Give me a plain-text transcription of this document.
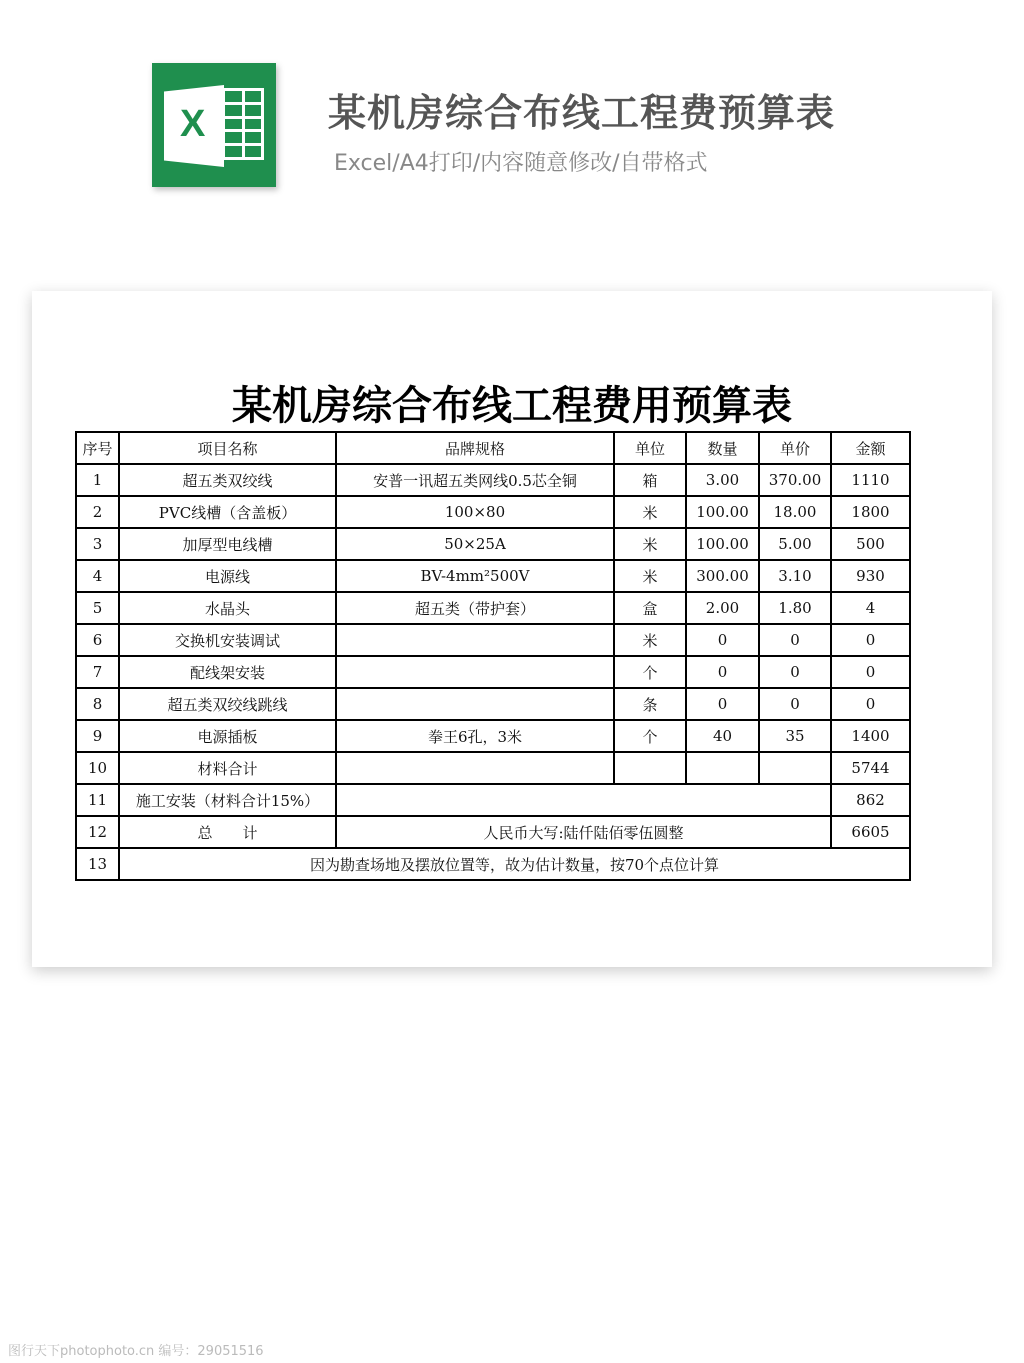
X	某机房综合布线工程费预算表
Excel/A4打印/内容随意修改/自带格式
某机房综合布线工程费用预算表
序号	项目名称	品牌规格	单位	数量	单价	金额
1	超五类双绞线	安普一讯超五类网线0.5芯全铜	箱	3.00	370.00	1110
2	PVC线槽（含盖板）	100×80	米	100.00	18.00	1800
3	加厚型电线槽	50×25A	米	100.00	5.00	500
4	电源线	BV-4mm²500V	米	300.00	3.10	930
5	水晶头	超五类（带护套）	盒	2.00	1.80	4
6	交换机安装调试		米	0	0	0
7	配线架安装		个	0	0	0
8	超五类双绞线跳线		条	0	0	0
9	电源插板	拳王6孔，3米	个	40	35	1400
10	材料合计					5744
11	施工安装（材料合计15%）					862
12	总　　计	人民币大写:陆仟陆佰零伍圆整				6605
13	因为勘查场地及摆放位置等，故为估计数量，按70个点位计算					
图行天下photophoto.cn 编号：29051516
